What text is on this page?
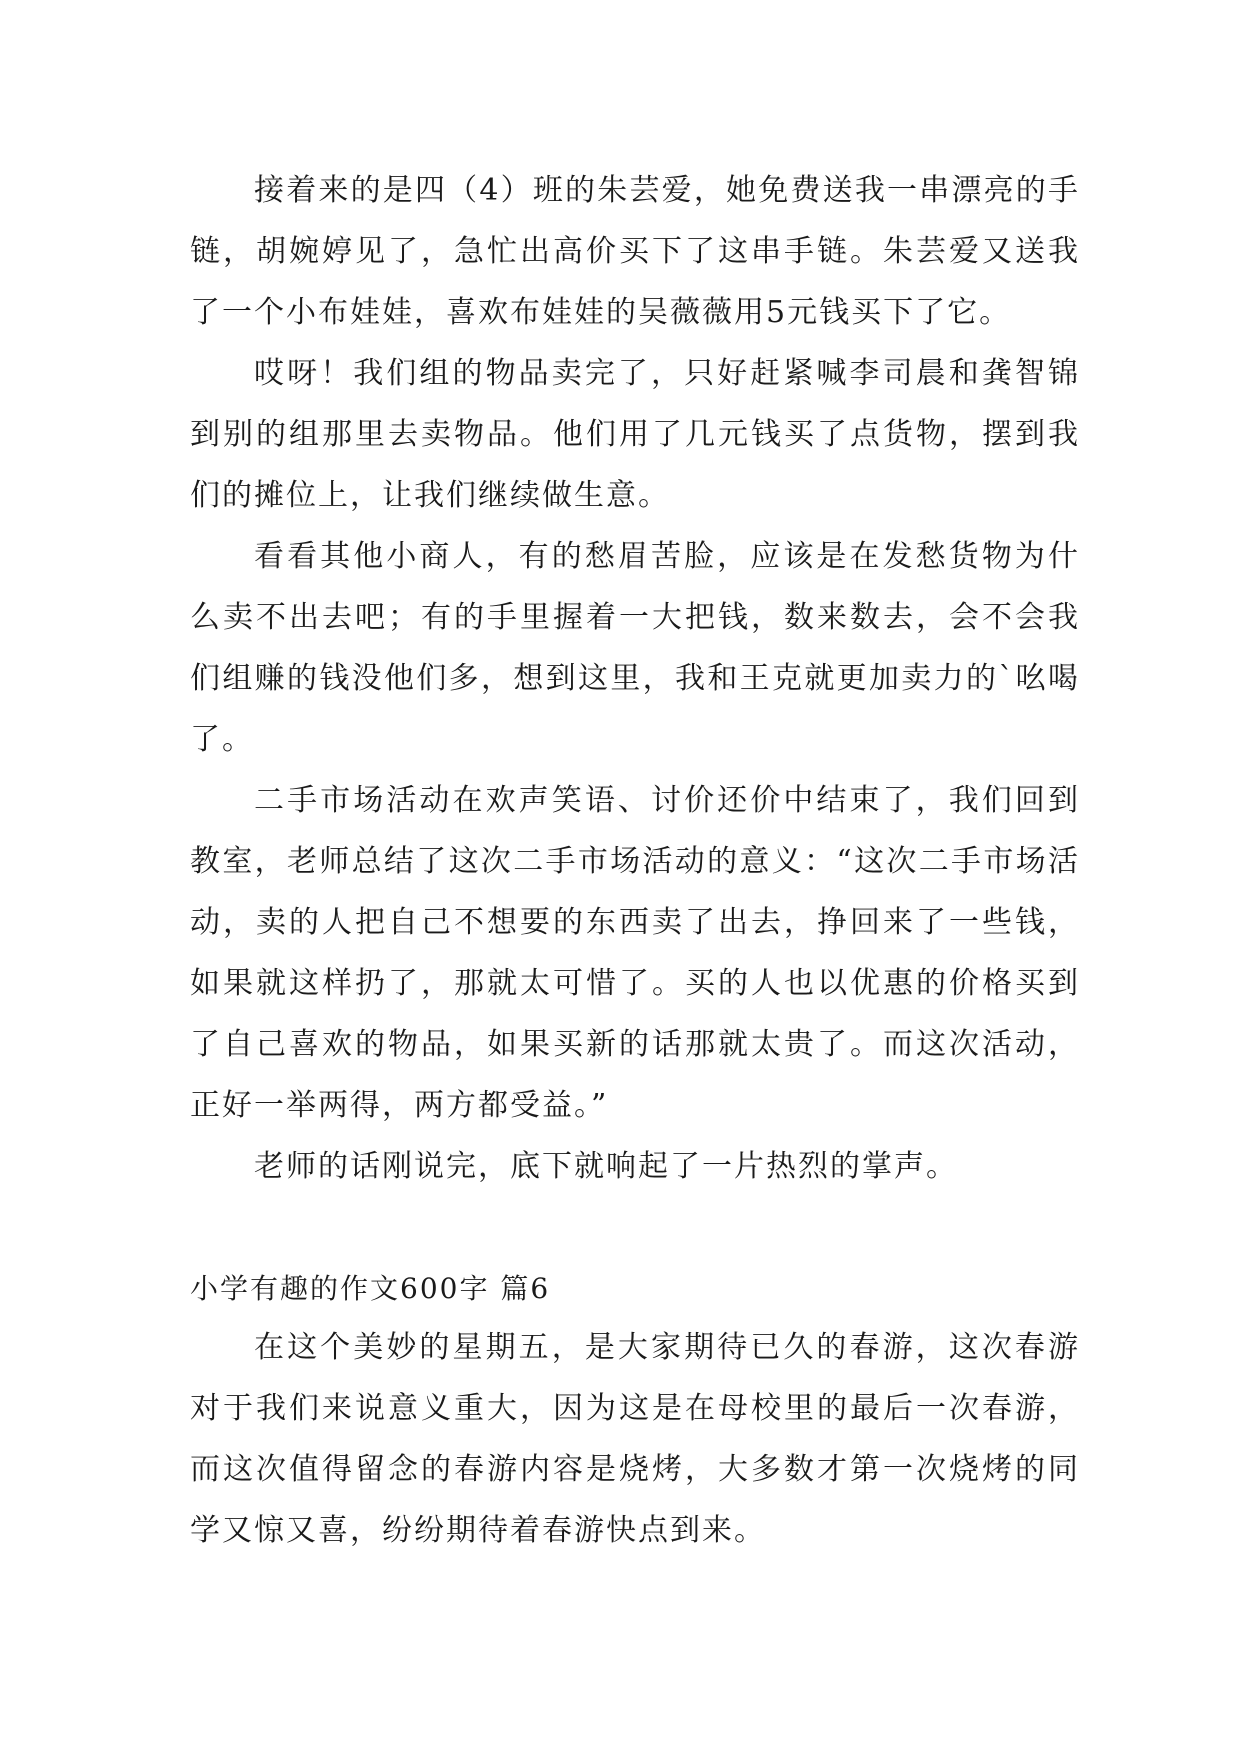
接着来的是四（4）班的朱芸爱，她免费送我一串漂亮的手链，胡婉婷见了，急忙出高价买下了这串手链。朱芸爱又送我了一个小布娃娃，喜欢布娃娃的吴薇薇用5元钱买下了它。

哎呀！我们组的物品卖完了，只好赶紧喊李司晨和龚智锦到别的组那里去卖物品。他们用了几元钱买了点货物，摆到我们的摊位上，让我们继续做生意。

看看其他小商人，有的愁眉苦脸，应该是在发愁货物为什么卖不出去吧；有的手里握着一大把钱，数来数去，会不会我们组赚的钱没他们多，想到这里，我和王克就更加卖力的`吆喝了。

二手市场活动在欢声笑语、讨价还价中结束了，我们回到教室，老师总结了这次二手市场活动的意义：“这次二手市场活动，卖的人把自己不想要的东西卖了出去，挣回来了一些钱，如果就这样扔了，那就太可惜了。买的人也以优惠的价格买到了自己喜欢的物品，如果买新的话那就太贵了。而这次活动，正好一举两得，两方都受益。”

老师的话刚说完，底下就响起了一片热烈的掌声。

小学有趣的作文600字 篇6

在这个美妙的星期五，是大家期待已久的春游，这次春游对于我们来说意义重大，因为这是在母校里的最后一次春游，而这次值得留念的春游内容是烧烤，大多数才第一次烧烤的同学又惊又喜，纷纷期待着春游快点到来。
